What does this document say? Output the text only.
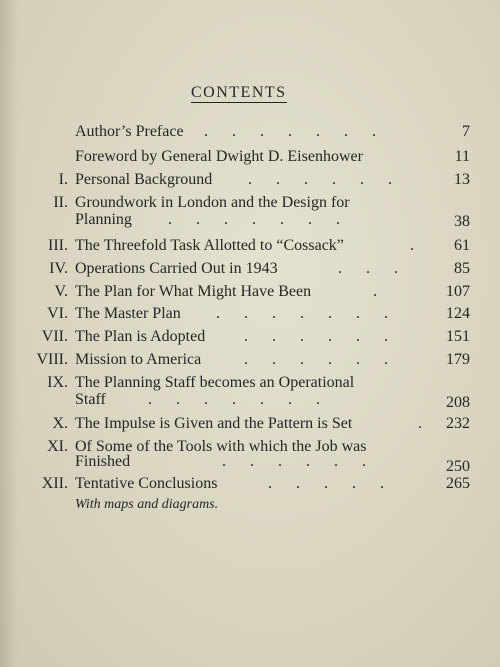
CONTENTS
Author’s Preface .      .      .      .      .      .      .	7
Foreword by General Dwight D. Eisenhower	11
I. Personal Background .      .      .      .      .      .	13
II. Groundwork in London and the Design for
Planning .      .      .      .      .      .      .	38
III. The Threefold Task Allotted to “Cossack”	.	61
IV. Operations Carried Out in 1943	.      .      .	85
V. The Plan for What Might Have Been	.	107
VI. The Master Plan .      .      .      .      .      .      .	124
VII. The Plan is Adopted .      .      .      .      .      .	151
VIII. Mission to America	.      .      .      .      .      .	179
IX. The Planning Staff becomes an Operational
Staff	.      .      .      .      .      .      .	208
X. The Impulse is Given and the Pattern is Set	. 232
XI. Of Some of the Tools with which the Job was
Finished	.      .      .      .      .      .	250
XII. Tentative Conclusions	.      .      .      .      .	265
With maps and diagrams.
